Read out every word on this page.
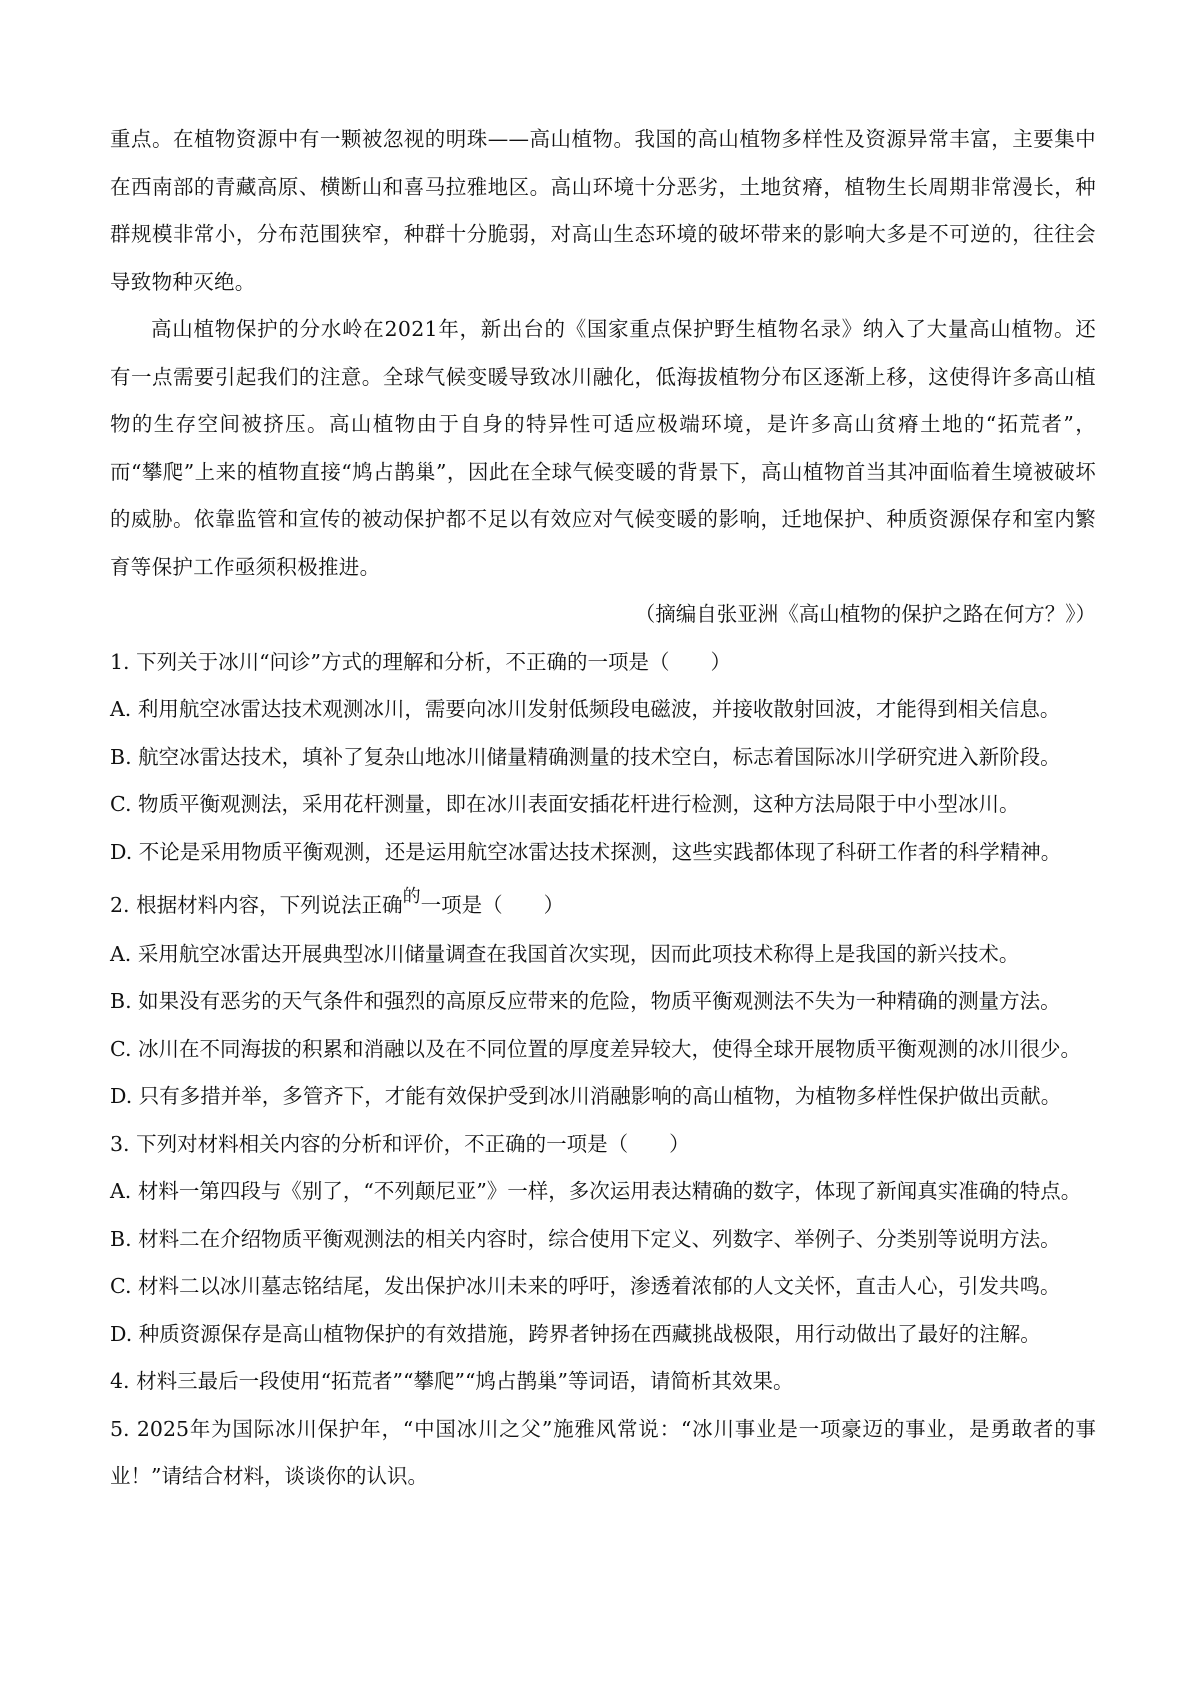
重点。在植物资源中有一颗被忽视的明珠——高山植物。我国的高山植物多样性及资源异常丰富，主要集中在西南部的青藏高原、横断山和喜马拉雅地区。高山环境十分恶劣，土地贫瘠，植物生长周期非常漫长，种群规模非常小，分布范围狭窄，种群十分脆弱，对高山生态环境的破坏带来的影响大多是不可逆的，往往会导致物种灭绝。

高山植物保护的分水岭在2021年，新出台的《国家重点保护野生植物名录》纳入了大量高山植物。还有一点需要引起我们的注意。全球气候变暖导致冰川融化，低海拔植物分布区逐渐上移，这使得许多高山植物的生存空间被挤压。高山植物由于自身的特异性可适应极端环境，是许多高山贫瘠土地的“拓荒者”，而“攀爬”上来的植物直接“鸠占鹊巢”，因此在全球气候变暖的背景下，高山植物首当其冲面临着生境被破坏的威胁。依靠监管和宣传的被动保护都不足以有效应对气候变暖的影响，迁地保护、种质资源保存和室内繁育等保护工作亟须积极推进。

（摘编自张亚洲《高山植物的保护之路在何方？》）

1. 下列关于冰川“问诊”方式的理解和分析，不正确的一项是（　　）

A. 利用航空冰雷达技术观测冰川，需要向冰川发射低频段电磁波，并接收散射回波，才能得到相关信息。

B. 航空冰雷达技术，填补了复杂山地冰川储量精确测量的技术空白，标志着国际冰川学研究进入新阶段。

C. 物质平衡观测法，采用花杆测量，即在冰川表面安插花杆进行检测，这种方法局限于中小型冰川。

D. 不论是采用物质平衡观测，还是运用航空冰雷达技术探测，这些实践都体现了科研工作者的科学精神。

2. 根据材料内容，下列说法正确的一项是（　　）

A. 采用航空冰雷达开展典型冰川储量调查在我国首次实现，因而此项技术称得上是我国的新兴技术。

B. 如果没有恶劣的天气条件和强烈的高原反应带来的危险，物质平衡观测法不失为一种精确的测量方法。

C. 冰川在不同海拔的积累和消融以及在不同位置的厚度差异较大，使得全球开展物质平衡观测的冰川很少。

D. 只有多措并举，多管齐下，才能有效保护受到冰川消融影响的高山植物，为植物多样性保护做出贡献。

3. 下列对材料相关内容的分析和评价，不正确的一项是（　　）

A. 材料一第四段与《别了，“不列颠尼亚”》一样，多次运用表达精确的数字，体现了新闻真实准确的特点。

B. 材料二在介绍物质平衡观测法的相关内容时，综合使用下定义、列数字、举例子、分类别等说明方法。

C. 材料二以冰川墓志铭结尾，发出保护冰川未来的呼吁，渗透着浓郁的人文关怀，直击人心，引发共鸣。

D. 种质资源保存是高山植物保护的有效措施，跨界者钟扬在西藏挑战极限，用行动做出了最好的注解。

4. 材料三最后一段使用“拓荒者”“攀爬”“鸠占鹊巢”等词语，请简析其效果。

5. 2025年为国际冰川保护年，“中国冰川之父”施雅风常说：“冰川事业是一项豪迈的事业，是勇敢者的事业！”请结合材料，谈谈你的认识。
